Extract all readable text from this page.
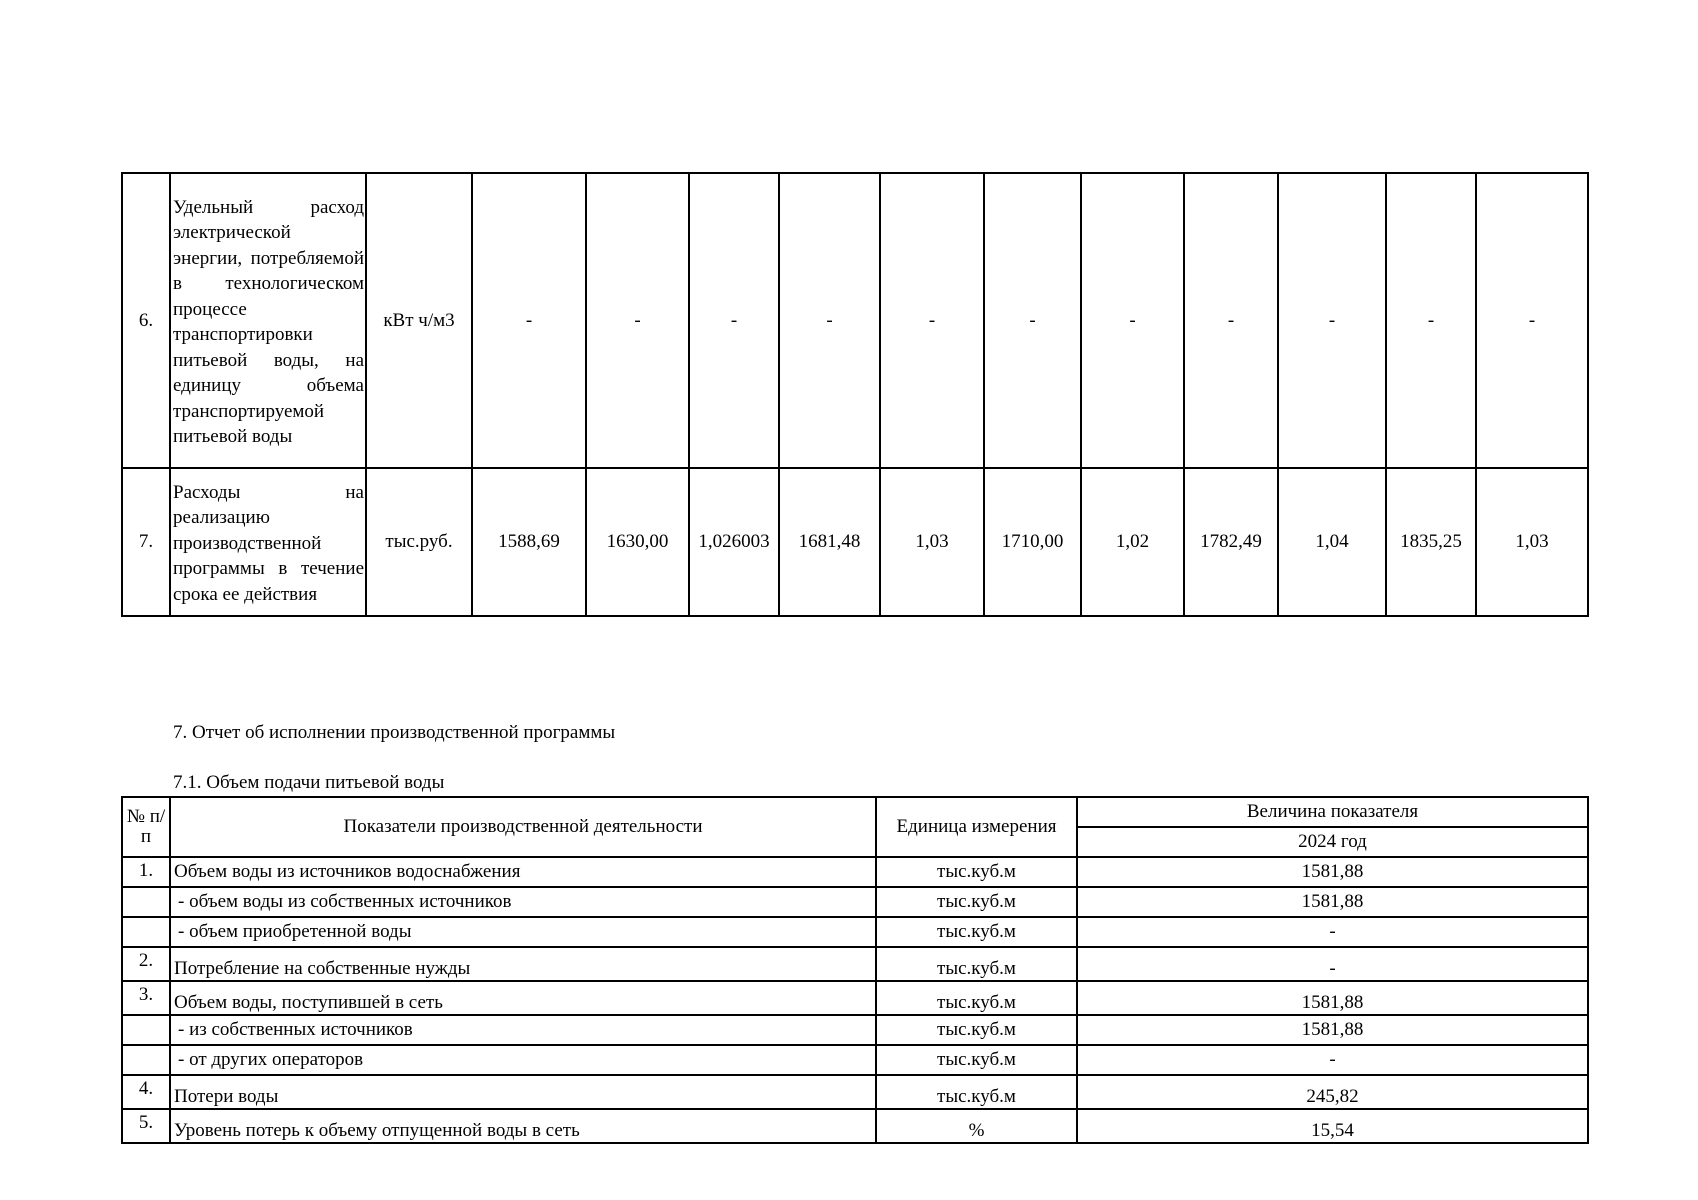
6.	Удельный расход электрической энергии, потребляемой в технологическом процессе транспортировки питьевой воды, на единицу объема транспортируемой питьевой воды	кВт ч/м3	-	-	-	-	-	-	-	-	-	-	-
7.	Расходы на реализацию производственной программы в течение срока ее действия	тыс.руб.	1588,69	1630,00	1,026003	1681,48	1,03	1710,00	1,02	1782,49	1,04	1835,25	1,03

7. Отчет об исполнении производственной программы

7.1. Объем подачи питьевой воды

№ п/п	Показатели производственной деятельности	Единица измерения	Величина показателя
			2024 год
1.	Объем воды из источников водоснабжения	тыс.куб.м	1581,88
	- объем воды из собственных источников	тыс.куб.м	1581,88
	- объем приобретенной воды	тыс.куб.м	-
2.	Потребление на собственные нужды	тыс.куб.м	-
3.	Объем воды, поступившей в сеть	тыс.куб.м	1581,88
	- из собственных источников	тыс.куб.м	1581,88
	- от других операторов	тыс.куб.м	-
4.	Потери воды	тыс.куб.м	245,82
5.	Уровень потерь к объему отпущенной воды в сеть	%	15,54
